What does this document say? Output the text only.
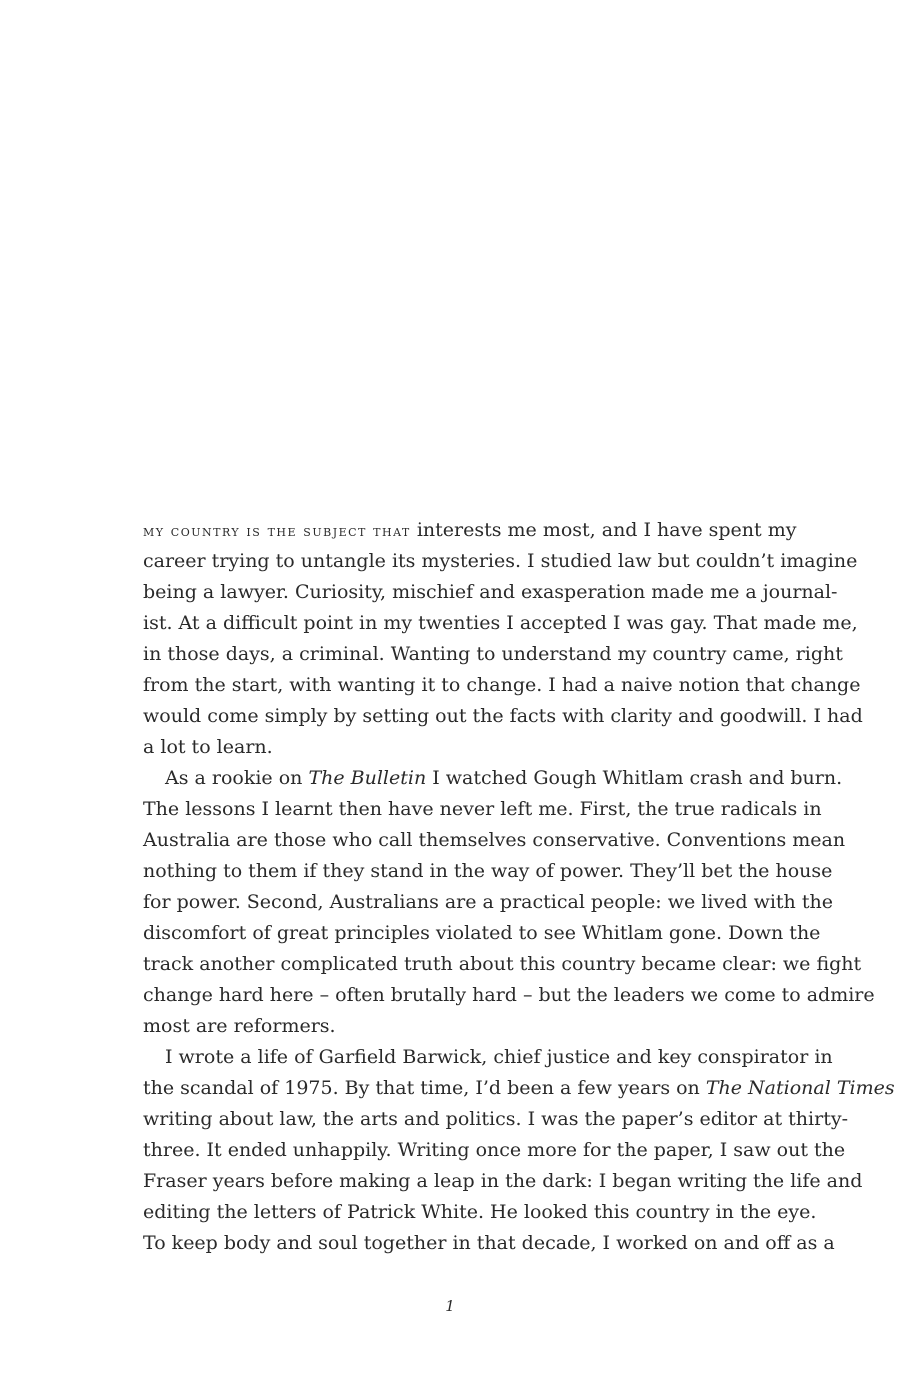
my country is the subject that interests me most, and I have spent my
career trying to untangle its mysteries. I studied law but couldn’t imagine
being a lawyer. Curiosity, mischief and exasperation made me a journal-
ist. At a difficult point in my twenties I accepted I was gay. That made me,
in those days, a criminal. Wanting to understand my country came, right
from the start, with wanting it to change. I had a naive notion that change
would come simply by setting out the facts with clarity and goodwill. I had
a lot to learn.
As a rookie on The Bulletin I watched Gough Whitlam crash and burn.
The lessons I learnt then have never left me. First, the true radicals in
Australia are those who call themselves conservative. Conventions mean
nothing to them if they stand in the way of power. They’ll bet the house
for power. Second, Australians are a practical people: we lived with the
discomfort of great principles violated to see Whitlam gone. Down the
track another complicated truth about this country became clear: we fight
change hard here – often brutally hard – but the leaders we come to admire
most are reformers.
I wrote a life of Garfield Barwick, chief justice and key conspirator in
the scandal of 1975. By that time, I’d been a few years on The National Times
writing about law, the arts and politics. I was the paper’s editor at thirty-
three. It ended unhappily. Writing once more for the paper, I saw out the
Fraser years before making a leap in the dark: I began writing the life and
editing the letters of Patrick White. He looked this country in the eye.
To keep body and soul together in that decade, I worked on and off as a
1
